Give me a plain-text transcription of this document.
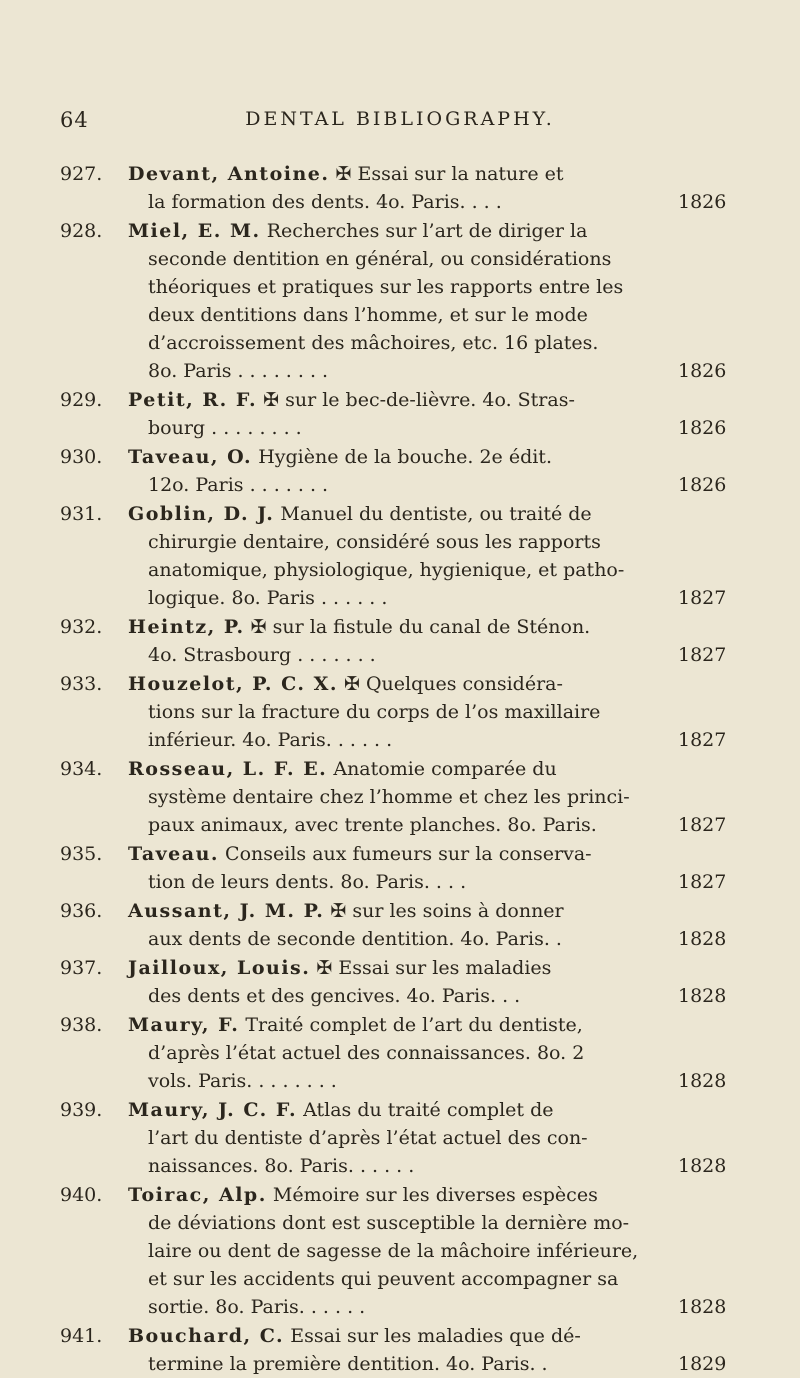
64	DENTAL BIBLIOGRAPHY.
927. Devant, Antoine. ✠ Essai sur la nature et
la formation des dents. 4o. Paris. . . .	1826
928. Miel, E. M. Recherches sur l’art de diriger la
seconde dentition en général, ou considérations
théoriques et pratiques sur les rapports entre les
deux dentitions dans l’homme, et sur le mode
d’accroissement des mâchoires, etc. 16 plates.
8o. Paris . . . . . . . .	1826
929. Petit, R. F. ✠ sur le bec-de-lièvre. 4o. Stras-
bourg . . . . . . . .	1826
930. Taveau, O. Hygiène de la bouche. 2e édit.
12o. Paris . . . . . . .	1826
931. Goblin, D. J. Manuel du dentiste, ou traité de
chirurgie dentaire, considéré sous les rapports
anatomique, physiologique, hygienique, et patho-
logique. 8o. Paris . . . . . .	1827
932. Heintz, P. ✠ sur la fistule du canal de Sténon.
4o. Strasbourg . . . . . . .	1827
933. Houzelot, P. C. X. ✠ Quelques considéra-
tions sur la fracture du corps de l’os maxillaire
inférieur. 4o. Paris. . . . . .	1827
934. Rosseau, L. F. E. Anatomie comparée du
système dentaire chez l’homme et chez les princi-
paux animaux, avec trente planches. 8o. Paris.	1827
935. Taveau. Conseils aux fumeurs sur la conserva-
tion de leurs dents. 8o. Paris. . . .	1827
936. Aussant, J. M. P. ✠ sur les soins à donner
aux dents de seconde dentition. 4o. Paris. .	1828
937. Jailloux, Louis. ✠ Essai sur les maladies
des dents et des gencives. 4o. Paris. . .	1828
938. Maury, F. Traité complet de l’art du dentiste,
d’après l’état actuel des connaissances. 8o. 2
vols. Paris. . . . . . . .	1828
939. Maury, J. C. F. Atlas du traité complet de
l’art du dentiste d’après l’état actuel des con-
naissances. 8o. Paris. . . . . .	1828
940. Toirac, Alp. Mémoire sur les diverses espèces
de déviations dont est susceptible la dernière mo-
laire ou dent de sagesse de la mâchoire inférieure,
et sur les accidents qui peuvent accompagner sa
sortie. 8o. Paris. . . . . .	1828
941. Bouchard, C. Essai sur les maladies que dé-
termine la première dentition. 4o. Paris. .	1829
